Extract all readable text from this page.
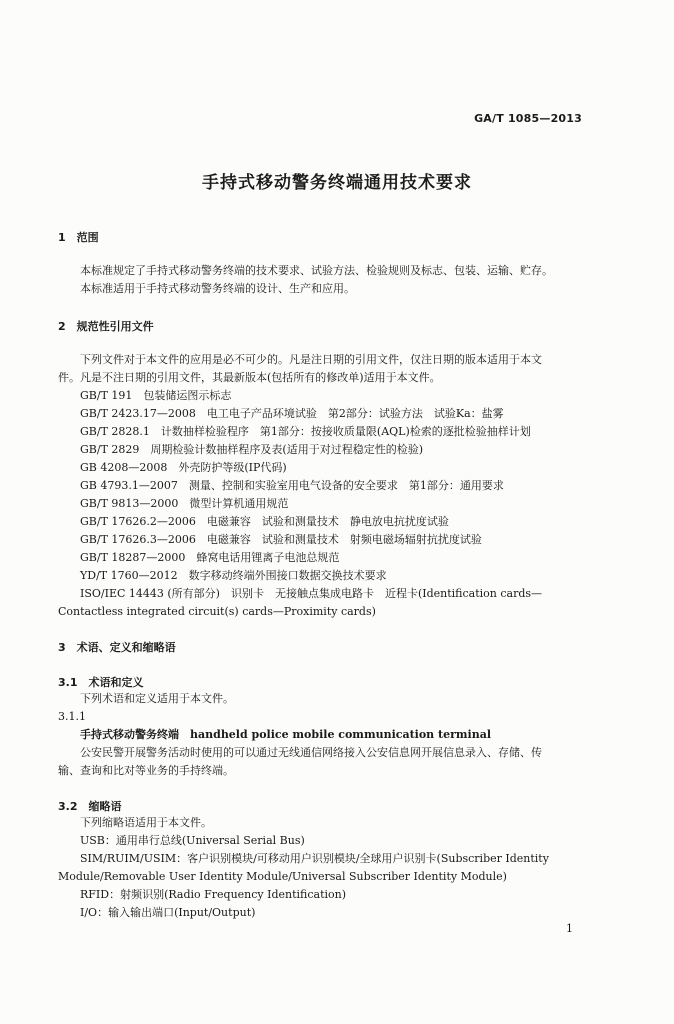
GA/T 1085—2013
手持式移动警务终端通用技术要求
1　范围
本标准规定了手持式移动警务终端的技术要求、试验方法、检验规则及标志、包装、运输、贮存。
本标准适用于手持式移动警务终端的设计、生产和应用。
2　规范性引用文件
下列文件对于本文件的应用是必不可少的。凡是注日期的引用文件，仅注日期的版本适用于本文
件。凡是不注日期的引用文件，其最新版本(包括所有的修改单)适用于本文件。
GB/T 191　包装储运图示标志
GB/T 2423.17—2008　电工电子产品环境试验　第2部分：试验方法　试验Ka：盐雾
GB/T 2828.1　计数抽样检验程序　第1部分：按接收质量限(AQL)检索的逐批检验抽样计划
GB/T 2829　周期检验计数抽样程序及表(适用于对过程稳定性的检验)
GB 4208—2008　外壳防护等级(IP代码)
GB 4793.1—2007　测量、控制和实验室用电气设备的安全要求　第1部分：通用要求
GB/T 9813—2000　微型计算机通用规范
GB/T 17626.2—2006　电磁兼容　试验和测量技术　静电放电抗扰度试验
GB/T 17626.3—2006　电磁兼容　试验和测量技术　射频电磁场辐射抗扰度试验
GB/T 18287—2000　蜂窝电话用锂离子电池总规范
YD/T 1760—2012　数字移动终端外围接口数据交换技术要求
ISO/IEC 14443 (所有部分)　识别卡　无接触点集成电路卡　近程卡(Identification cards—
Contactless integrated circuit(s) cards—Proximity cards)
3　术语、定义和缩略语
3.1　术语和定义
下列术语和定义适用于本文件。
3.1.1
手持式移动警务终端　handheld police mobile communication terminal
公安民警开展警务活动时使用的可以通过无线通信网络接入公安信息网开展信息录入、存储、传
输、查询和比对等业务的手持终端。
3.2　缩略语
下列缩略语适用于本文件。
USB：通用串行总线(Universal Serial Bus)
SIM/RUIM/USIM：客户识别模块/可移动用户识别模块/全球用户识别卡(Subscriber Identity
Module/Removable User Identity Module/Universal Subscriber Identity Module)
RFID：射频识别(Radio Frequency Identification)
I/O：输入输出端口(Input/Output)
1
